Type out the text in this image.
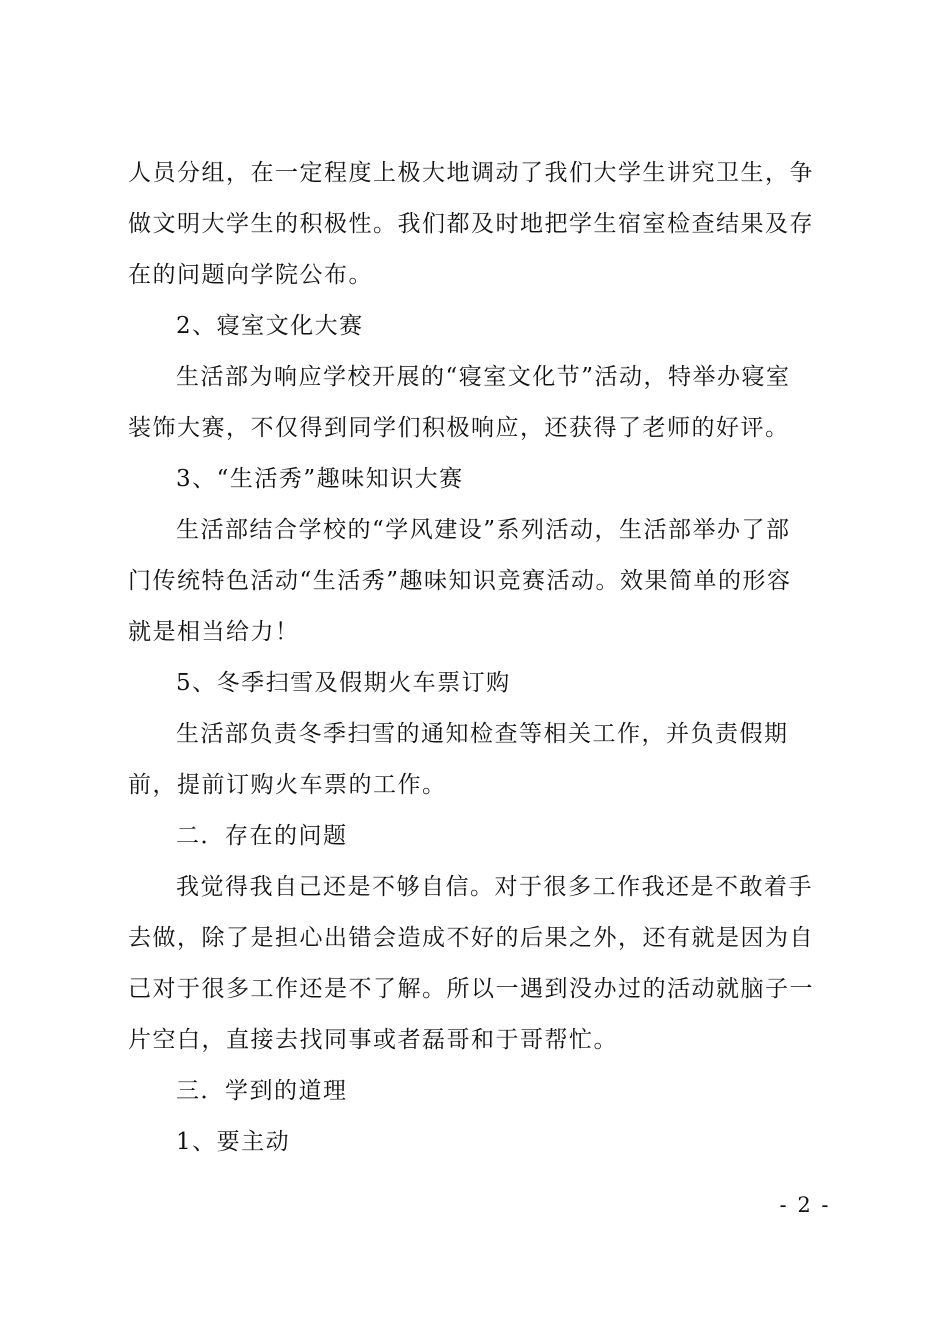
人员分组，在一定程度上极大地调动了我们大学生讲究卫生，争
做文明大学生的积极性。我们都及时地把学生宿室检查结果及存
在的问题向学院公布。
2、寝室文化大赛
生活部为响应学校开展的“寝室文化节”活动，特举办寝室
装饰大赛，不仅得到同学们积极响应，还获得了老师的好评。
3、“生活秀”趣味知识大赛
生活部结合学校的“学风建设”系列活动，生活部举办了部
门传统特色活动“生活秀”趣味知识竞赛活动。效果简单的形容
就是相当给力！
5、冬季扫雪及假期火车票订购
生活部负责冬季扫雪的通知检查等相关工作，并负责假期
前，提前订购火车票的工作。
二．存在的问题
我觉得我自己还是不够自信。对于很多工作我还是不敢着手
去做，除了是担心出错会造成不好的后果之外，还有就是因为自
己对于很多工作还是不了解。所以一遇到没办过的活动就脑子一
片空白，直接去找同事或者磊哥和于哥帮忙。
三．学到的道理
1、要主动
- 2 -
